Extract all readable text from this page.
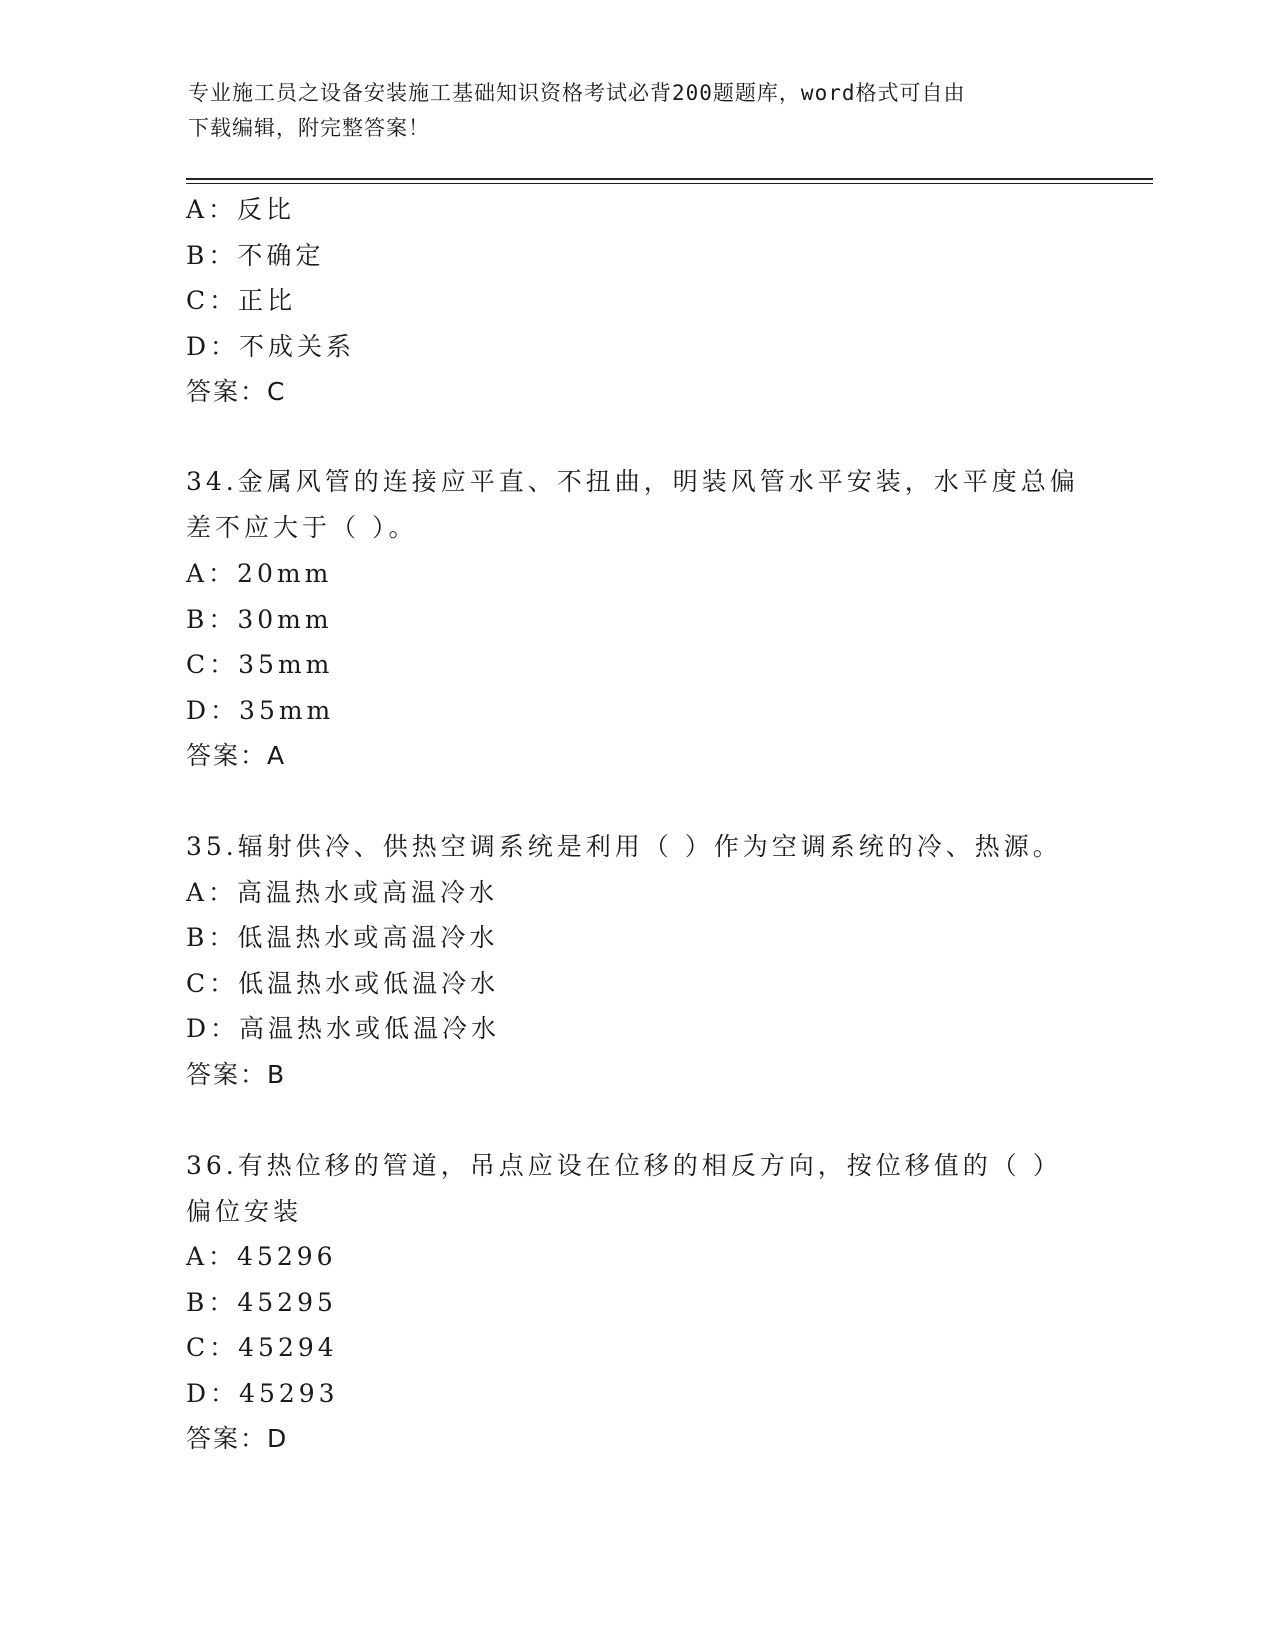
专业施工员之设备安装施工基础知识资格考试必背200题题库，word格式可自由
下载编辑，附完整答案！
A：反比
B：不确定
C：正比
D：不成关系
答案：C
34.金属风管的连接应平直、不扭曲，明装风管水平安装，水平度总偏
差不应大于（ ）。
A：20mm
B：30mm
C：35mm
D：35mm
答案：A
35.辐射供冷、供热空调系统是利用（ ）作为空调系统的冷、热源。
A：高温热水或高温冷水
B：低温热水或高温冷水
C：低温热水或低温冷水
D：高温热水或低温冷水
答案：B
36.有热位移的管道，吊点应设在位移的相反方向，按位移值的（ ）
偏位安装
A：45296
B：45295
C：45294
D：45293
答案：D
